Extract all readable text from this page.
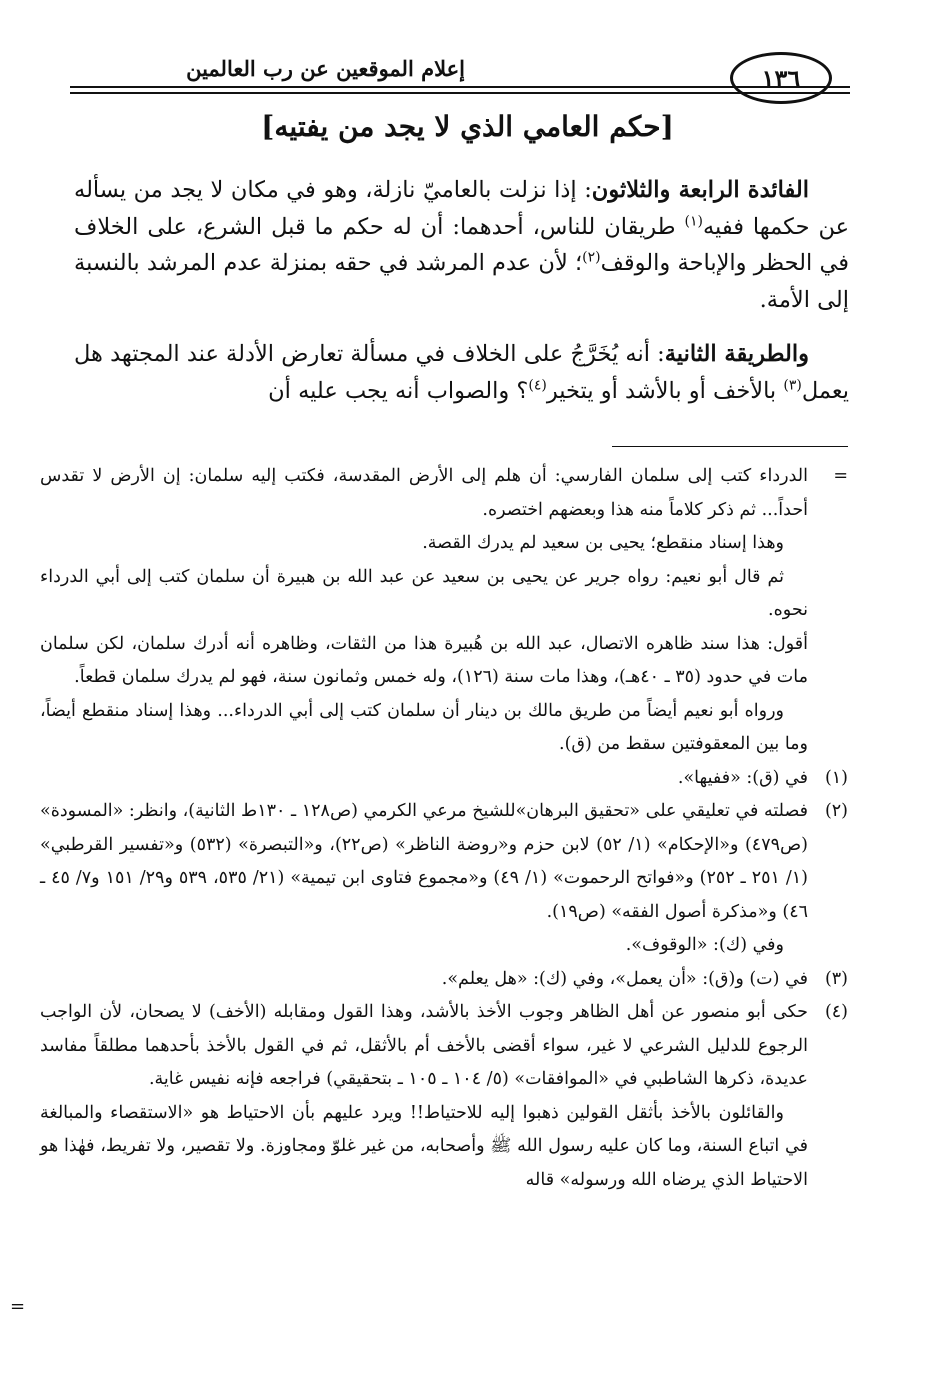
إعلام الموقعين عن رب العالمين	١٣٦
[حكم العامي الذي لا يجد من يفتيه]

الفائدة الرابعة والثلاثون: إذا نزلت بالعاميّ نازلة، وهو في مكان لا يجد من يسأله عن حكمها ففيه$^{(١)}$ طريقان للناس، أحدهما: أن له حكم ما قبل الشرع، على الخلاف في الحظر والإباحة والوقف$^{(٢)}$؛ لأن عدم المرشد في حقه بمنزلة عدم المرشد بالنسبة إلى الأمة.

والطريقة الثانية: أنه يُخَرَّجُ على الخلاف في مسألة تعارض الأدلة عند المجتهد هل يعمل$^{(٣)}$ بالأخف أو بالأشد أو يتخير$^{(٤)}$؟ والصواب أنه يجب عليه أن

=

الدرداء كتب إلى سلمان الفارسي: أن هلم إلى الأرض المقدسة، فكتب إليه سلمان: إن الأرض لا تقدس أحداً... ثم ذكر كلاماً منه هذا وبعضهم اختصره.

وهذا إسناد منقطع؛ يحيى بن سعيد لم يدرك القصة.

ثم قال أبو نعيم: رواه جرير عن يحيى بن سعيد عن عبد الله بن هبيرة أن سلمان كتب إلى أبي الدرداء نحوه.

أقول: هذا سند ظاهره الاتصال، عبد الله بن هُبيرة هذا من الثقات، وظاهره أنه أدرك سلمان، لكن سلمان مات في حدود (٣٥ ـ ٤٠هـ)، وهذا مات سنة (١٢٦)، وله خمس وثمانون سنة، فهو لم يدرك سلمان قطعاً.

ورواه أبو نعيم أيضاً من طريق مالك بن دينار أن سلمان كتب إلى أبي الدرداء... وهذا إسناد منقطع أيضاً، وما بين المعقوفتين سقط من (ق).

(١)

في (ق): «ففيها».

(٢)

فصلته في تعليقي على «تحقيق البرهان»للشيخ مرعي الكرمي (ص١٢٨ ـ ١٣٠ط الثانية)، وانظر: «المسودة» (ص٤٧٩) و«الإحكام» (١/ ٥٢) لابن حزم و«روضة الناظر» (ص٢٢)، و«التبصرة» (٥٣٢) و«تفسير القرطبي» (١/ ٢٥١ ـ ٢٥٢) و«فواتح الرحموت» (١/ ٤٩) و«مجموع فتاوى ابن تيمية» (٢١/ ٥٣٥، ٥٣٩ و٢٩/ ١٥١ و٧/ ٤٥ ـ ٤٦) و«مذكرة أصول الفقه» (ص١٩).

وفي (ك): «الوقوف».

(٣)

في (ت) و(ق): «أن يعمل»، وفي (ك): «هل يعلم».

(٤)

حكى أبو منصور عن أهل الظاهر وجوب الأخذ بالأشد، وهذا القول ومقابله (الأخف) لا يصحان، لأن الواجب الرجوع للدليل الشرعي لا غير، سواء أقضى بالأخف أم بالأثقل، ثم في القول بالأخذ بأحدهما مطلقاً مفاسد عديدة، ذكرها الشاطبي في «الموافقات» (٥/ ١٠٤ ـ ١٠٥ ـ بتحقيقي) فراجعه فإنه نفيس غاية.

والقائلون بالأخذ بأثقل القولين ذهبوا إليه للاحتياط!! ويرد عليهم بأن الاحتياط هو «الاستقصاء والمبالغة في اتباع السنة، وما كان عليه رسول الله ﷺ وأصحابه، من غير غلوّ ومجاوزة. ولا تقصير، ولا تفريط، فهٰذا هو الاحتياط الذي يرضاه الله ورسوله» قاله

=
